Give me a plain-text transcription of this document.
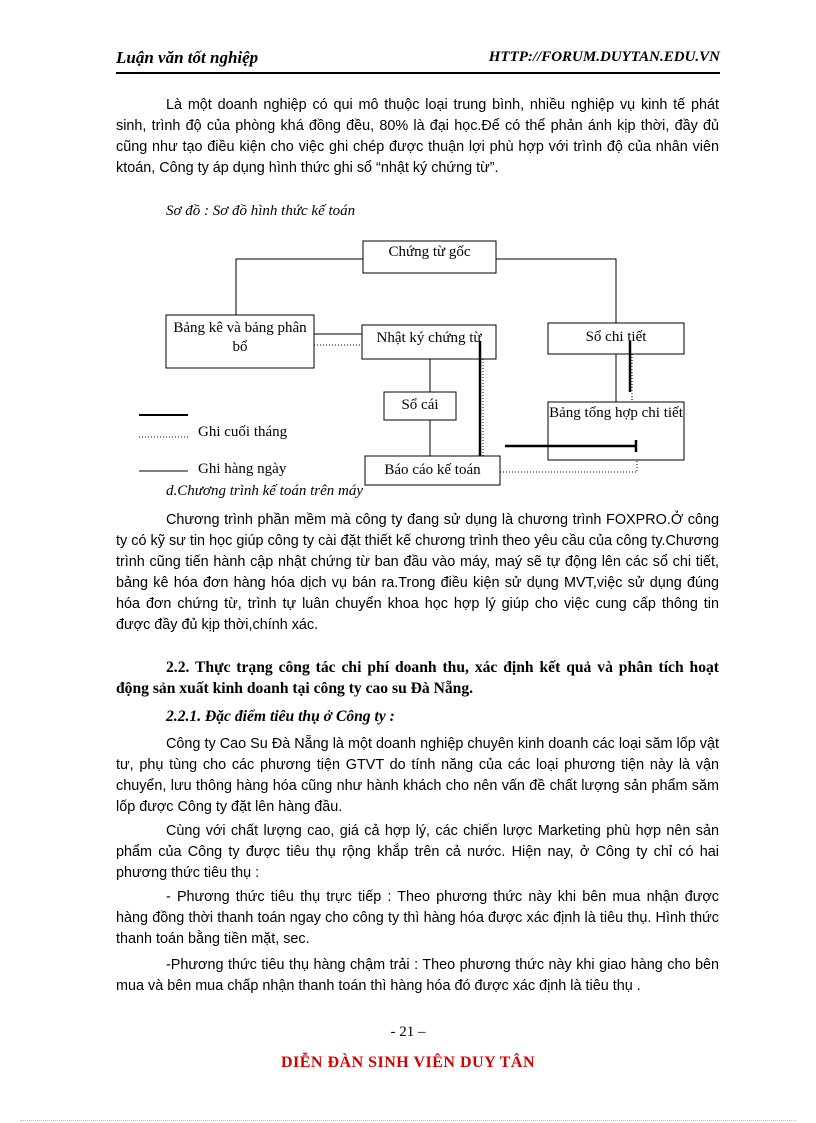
Luận văn tốt nghiệp	HTTP://FORUM.DUYTAN.EDU.VN

Là một doanh nghiệp có qui mô thuộc loại trung bình, nhiều nghiệp vụ kinh tế phát sinh, trình độ của phòng khá đồng đều, 80% là đại học.Để có thể phản ánh kịp thời, đầy đủ cũng như tạo điều kiện cho việc ghi chép được thuận lợi phù hợp với trình độ của nhân viên ktoán, Công ty áp dụng hình thức ghi sổ “nhật ký chứng từ”.

Sơ đồ : Sơ đồ hình thức kế toán
Chứng từ gốc
Bảng kê và bảng phân bổ
Nhật ký chứng từ	Sổ chi tiết
Sổ cái	Bảng tổng hợp chi tiết
Báo cáo kế toán
Ghi cuối tháng
Ghi hàng ngày
d.Chương trình kế toán trên máy

Chương trình phần mềm mà công ty đang sử dụng là chương trình FOXPRO.Ở công ty có kỹ sư tin học giúp công ty cài đặt thiết kế chương trình theo yêu cầu của công ty.Chương trình cũng tiến hành cập nhật chứng từ ban đầu vào máy, maý sẽ tự động lên các sổ chi tiết, bảng kê hóa đơn hàng hóa dịch vụ bán ra.Trong điều kiện sử dụng MVT,việc sử dụng đúng hóa đơn chứng từ, trình tự luân chuyển khoa học hợp lý giúp cho việc cung cấp thông tin được đầy đủ kịp thời,chính xác.

2.2. Thực trạng công tác chi phí doanh thu, xác định kết quả và phân tích hoạt động sản xuất kinh doanh tại công ty cao su Đà Nẵng.

2.2.1. Đặc điểm tiêu thụ ở Công ty :

Công ty Cao Su Đà Nẵng là một doanh nghiệp chuyên kinh doanh các loại săm lốp vật tư, phụ tùng cho các phương tiện GTVT do tính năng của các loại phương tiện này là vận chuyển, lưu thông hàng hóa cũng như hành khách cho nên vấn đề chất lượng sản phẩm săm lốp được Công ty đặt lên hàng đầu.

Cùng với chất lượng cao, giá cả hợp lý, các chiến lược Marketing phù hợp nên sản phẩm của Công ty được tiêu thụ rộng khắp trên cả nước. Hiện nay, ở Công ty chỉ có hai phương thức tiêu thụ :

- Phương thức tiêu thụ trực tiếp : Theo phương thức này khi bên mua nhận được hàng đồng thời thanh toán ngay cho công ty thì hàng hóa được xác định là tiêu thụ. Hình thức thanh toán bằng tiền mặt, sec.

-Phương thức tiêu thụ hàng chậm trải : Theo phương thức này khi giao hàng cho bên mua và bên mua chấp nhận thanh toán thì hàng hóa đó được xác định là tiêu thụ .

- 21 –
DIỄN ĐÀN SINH VIÊN DUY TÂN
